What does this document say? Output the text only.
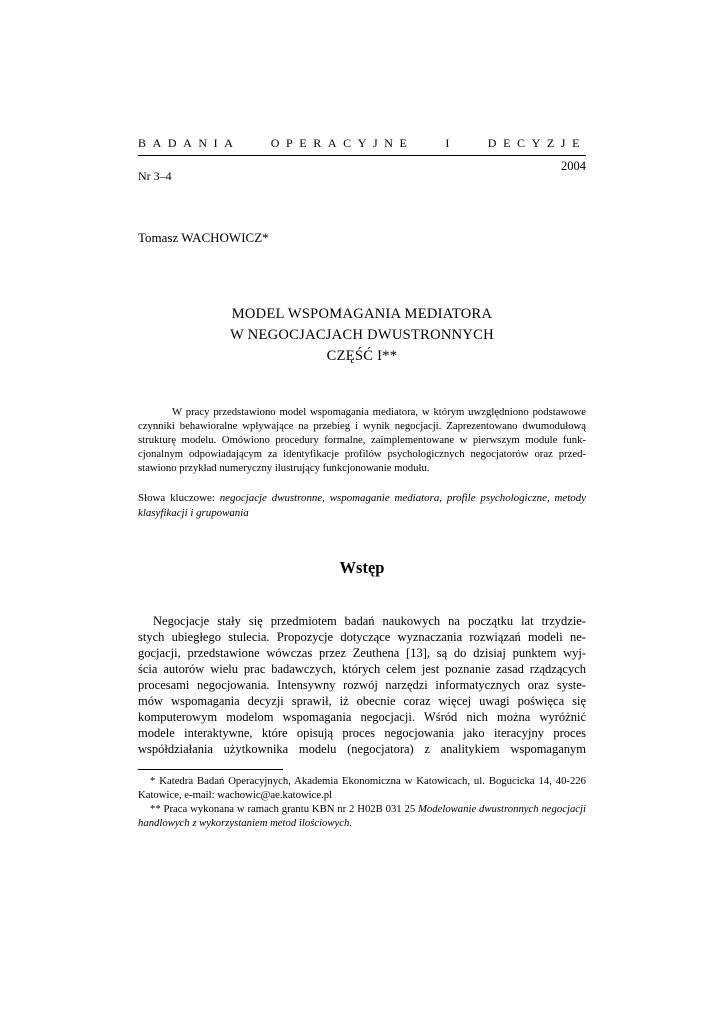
BADANIA OPERACYJNE I DECYZJE
Nr 3–4
2004
Tomasz WACHOWICZ*
MODEL WSPOMAGANIA MEDIATORA
W NEGOCJACJACH DWUSTRONNYCH
CZĘŚĆ I**
W pracy przedstawiono model wspomagania mediatora, w którym uwzględniono podstawowe
czynniki behawioralne wpływające na przebieg i wynik negocjacji. Zaprezentowano dwumodułową
strukturę modelu. Omówiono procedury formalne, zaimplementowane w pierwszym module funk-
cjonalnym odpowiadającym za identyfikacje profilów psychologicznych negocjatorów oraz przed-
stawiono przykład numeryczny ilustrujący funkcjonowanie modułu.
Słowa kluczowe: negocjacje dwustronne, wspomaganie mediatora, profile psychologiczne, metody
klasyfikacji i grupowania
Wstęp
Negocjacje stały się przedmiotem badań naukowych na początku lat trzydzie-
stych ubiegłego stulecia. Propozycje dotyczące wyznaczania rozwiązań modeli ne-
gocjacji, przedstawione wówczas przez Zeuthena [13], są do dzisiaj punktem wyj-
ścia autorów wielu prac badawczych, których celem jest poznanie zasad rządzących
procesami negocjowania. Intensywny rozwój narzędzi informatycznych oraz syste-
mów wspomagania decyzji sprawił, iż obecnie coraz więcej uwagi poświęca się
komputerowym modelom wspomagania negocjacji. Wśród nich można wyróżnić
modele interaktywne, które opisują proces negocjowania jako iteracyjny proces
współdziałania użytkownika modelu (negocjatora) z analitykiem wspomaganym
* Katedra Badań Operacyjnych, Akademia Ekonomiczna w Katowicach, ul. Bogucicka 14, 40-226
Katowice, e-mail: wachowic@ae.katowice.pl
** Praca wykonana w ramach grantu KBN nr 2 H02B 031 25 Modelowanie dwustronnych negocjacji
handlowych z wykorzystaniem metod ilościowych.
